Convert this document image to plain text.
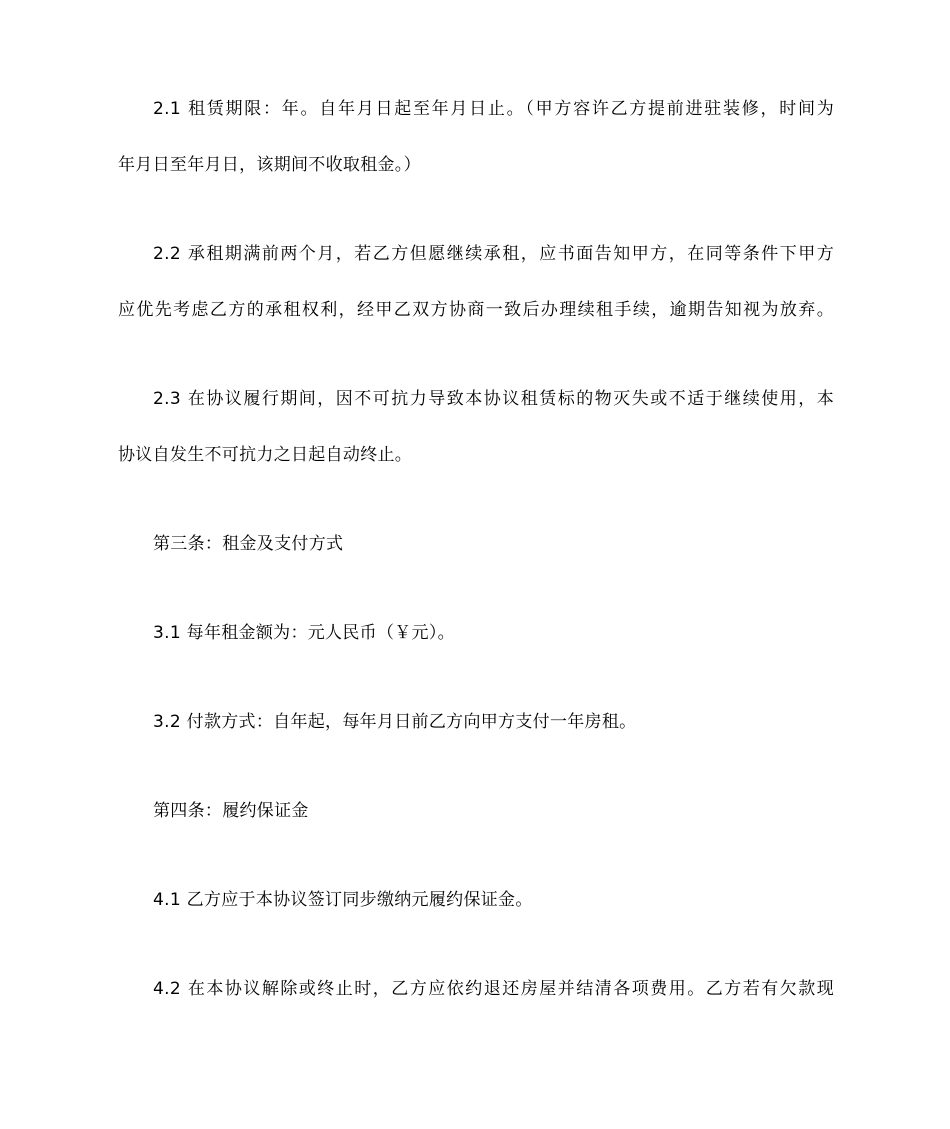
2.1 租赁期限：年。自年月日起至年月日止。（甲方容许乙方提前进驻装修，时间为
年月日至年月日，该期间不收取租金。）
2.2 承租期满前两个月，若乙方但愿继续承租，应书面告知甲方，在同等条件下甲方
应优先考虑乙方的承租权利，经甲乙双方协商一致后办理续租手续，逾期告知视为放弃。
2.3 在协议履行期间，因不可抗力导致本协议租赁标的物灭失或不适于继续使用，本
协议自发生不可抗力之日起自动终止。
第三条：租金及支付方式
3.1 每年租金额为：元人民币（￥元）。
3.2 付款方式：自年起，每年月日前乙方向甲方支付一年房租。
第四条：履约保证金
4.1 乙方应于本协议签订同步缴纳元履约保证金。
4.2 在本协议解除或终止时，乙方应依约退还房屋并结清各项费用。乙方若有欠款现
